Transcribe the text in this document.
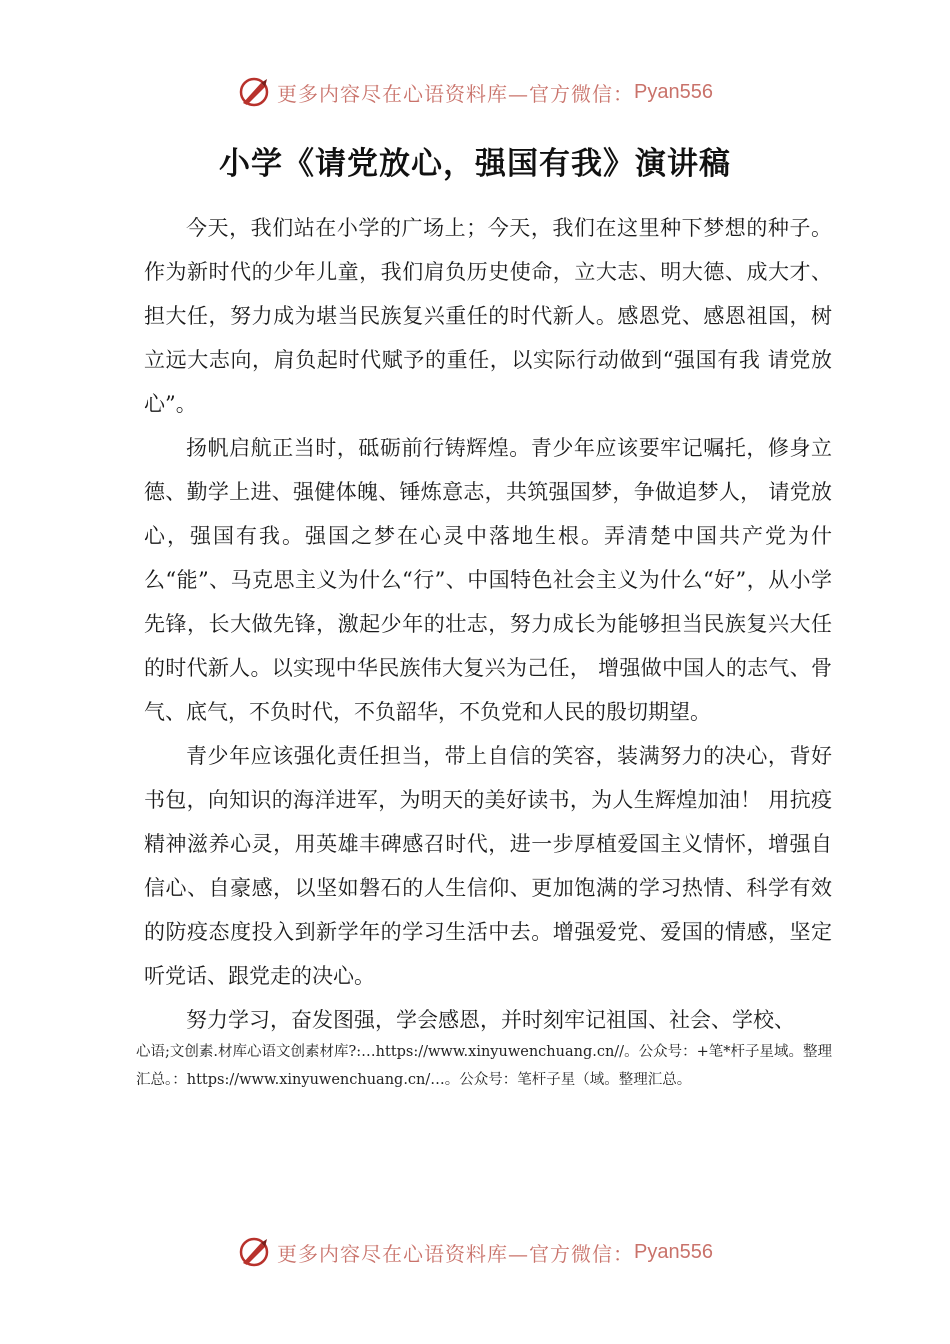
更多内容尽在心语资料库—官方微信： Pyan556
小学《请党放心，强国有我》演讲稿

今天，我们站在小学的广场上；今天，我们在这里种下梦想的种子。作为新时代的少年儿童，我们肩负历史使命，立大志、明大德、成大才、担大任，努力成为堪当民族复兴重任的时代新人。感恩党、感恩祖国，树立远大志向，肩负起时代赋予的重任，以实际行动做到“强国有我 请党放心”。

扬帆启航正当时，砥砺前行铸辉煌。青少年应该要牢记嘱托，修身立德、勤学上进、强健体魄、锤炼意志，共筑强国梦，争做追梦人， 请党放心，强国有我。强国之梦在心灵中落地生根。弄清楚中国共产党为什么“能”、马克思主义为什么“行”、中国特色社会主义为什么“好”，从小学先锋，长大做先锋，激起少年的壮志，努力成长为能够担当民族复兴大任的时代新人。以实现中华民族伟大复兴为己任， 增强做中国人的志气、骨气、底气，不负时代，不负韶华，不负党和人民的殷切期望。

青少年应该强化责任担当，带上自信的笑容，装满努力的决心，背好书包，向知识的海洋进军，为明天的美好读书，为人生辉煌加油！ 用抗疫精神滋养心灵，用英雄丰碑感召时代，进一步厚植爱国主义情怀，增强自信心、自豪感，以坚如磐石的人生信仰、更加饱满的学习热情、科学有效的防疫态度投入到新学年的学习生活中去。增强爱党、爱国的情感，坚定听党话、跟党走的决心。

努力学习，奋发图强，学会感恩，并时刻牢记祖国、社会、学校、

心语;文创素.材库心语文创素材库?:…https://www.xinyuwenchuang.cn//。公众号：+笔*杆子星域。整理汇总。：https://www.xinyuwenchuang.cn/…。公众号：笔杆子星（域。整理汇总。
更多内容尽在心语资料库—官方微信： Pyan556
